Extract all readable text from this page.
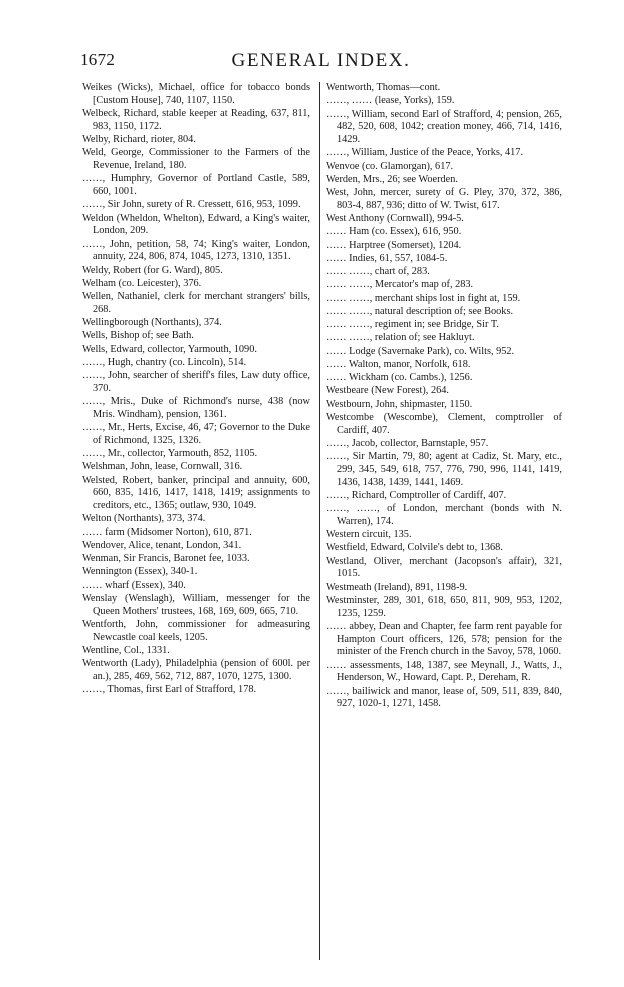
1672	GENERAL INDEX.

Weikes (Wicks), Michael, office for tobacco bonds [Custom House], 740, 1107, 1150.

Welbeck, Richard, stable keeper at Reading, 637, 811, 983, 1150, 1172.

Welby, Richard, rioter, 804.

Weld, George, Commissioner to the Farmers of the Revenue, Ireland, 180.

……, Humphry, Governor of Portland Castle, 589, 660, 1001.

……, Sir John, surety of R. Cressett, 616, 953, 1099.

Weldon (Wheldon, Whelton), Edward, a King's waiter, London, 209.

……, John, petition, 58, 74; King's waiter, London, annuity, 224, 806, 874, 1045, 1273, 1310, 1351.

Weldy, Robert (for G. Ward), 805.

Welham (co. Leicester), 376.

Wellen, Nathaniel, clerk for merchant strangers' bills, 268.

Wellingborough (Northants), 374.

Wells, Bishop of; see Bath.

Wells, Edward, collector, Yarmouth, 1090.

……, Hugh, chantry (co. Lincoln), 514.

……, John, searcher of sheriff's files, Law duty office, 370.

……, Mris., Duke of Richmond's nurse, 438 (now Mris. Windham), pension, 1361.

……, Mr., Herts, Excise, 46, 47; Governor to the Duke of Richmond, 1325, 1326.

……, Mr., collector, Yarmouth, 852, 1105.

Welshman, John, lease, Cornwall, 316.

Welsted, Robert, banker, principal and annuity, 600, 660, 835, 1416, 1417, 1418, 1419; assignments to creditors, etc., 1365; outlaw, 930, 1049.

Welton (Northants), 373, 374.

…… farm (Midsomer Norton), 610, 871.

Wendover, Alice, tenant, London, 341.

Wenman, Sir Francis, Baronet fee, 1033.

Wennington (Essex), 340-1.

…… wharf (Essex), 340.

Wenslay (Wenslagh), William, messenger for the Queen Mothers' trustees, 168, 169, 609, 665, 710.

Wentforth, John, commissioner for admeasuring Newcastle coal keels, 1205.

Wentline, Col., 1331.

Wentworth (Lady), Philadelphia (pension of 600l. per an.), 285, 469, 562, 712, 887, 1070, 1275, 1300.

……, Thomas, first Earl of Strafford, 178.

Wentworth, Thomas—cont.

……, …… (lease, Yorks), 159.

……, William, second Earl of Strafford, 4; pension, 265, 482, 520, 608, 1042; creation money, 466, 714, 1416, 1429.

……, William, Justice of the Peace, Yorks, 417.

Wenvoe (co. Glamorgan), 617.

Werden, Mrs., 26; see Woerden.

West, John, mercer, surety of G. Pley, 370, 372, 386, 803-4, 887, 936; ditto of W. Twist, 617.

West Anthony (Cornwall), 994-5.

…… Ham (co. Essex), 616, 950.

…… Harptree (Somerset), 1204.

…… Indies, 61, 557, 1084-5.

…… ……, chart of, 283.

…… ……, Mercator's map of, 283.

…… ……, merchant ships lost in fight at, 159.

…… ……, natural description of; see Books.

…… ……, regiment in; see Bridge, Sir T.

…… ……, relation of; see Hakluyt.

…… Lodge (Savernake Park), co. Wilts, 952.

…… Walton, manor, Norfolk, 618.

…… Wickham (co. Cambs.), 1256.

Westbeare (New Forest), 264.

Westbourn, John, shipmaster, 1150.

Westcombe (Wescombe), Clement, comptroller of Cardiff, 407.

……, Jacob, collector, Barnstaple, 957.

……, Sir Martin, 79, 80; agent at Cadiz, St. Mary, etc., 299, 345, 549, 618, 757, 776, 790, 996, 1141, 1419, 1436, 1438, 1439, 1441, 1469.

……, Richard, Comptroller of Cardiff, 407.

……, ……, of London, merchant (bonds with N. Warren), 174.

Western circuit, 135.

Westfield, Edward, Colvile's debt to, 1368.

Westland, Oliver, merchant (Jacopson's affair), 321, 1015.

Westmeath (Ireland), 891, 1198-9.

Westminster, 289, 301, 618, 650, 811, 909, 953, 1202, 1235, 1259.

…… abbey, Dean and Chapter, fee farm rent payable for Hampton Court officers, 126, 578; pension for the minister of the French church in the Savoy, 578, 1060.

…… assessments, 148, 1387, see Meynall, J., Watts, J., Henderson, W., Howard, Capt. P., Dereham, R.

……, bailiwick and manor, lease of, 509, 511, 839, 840, 927, 1020-1, 1271, 1458.
